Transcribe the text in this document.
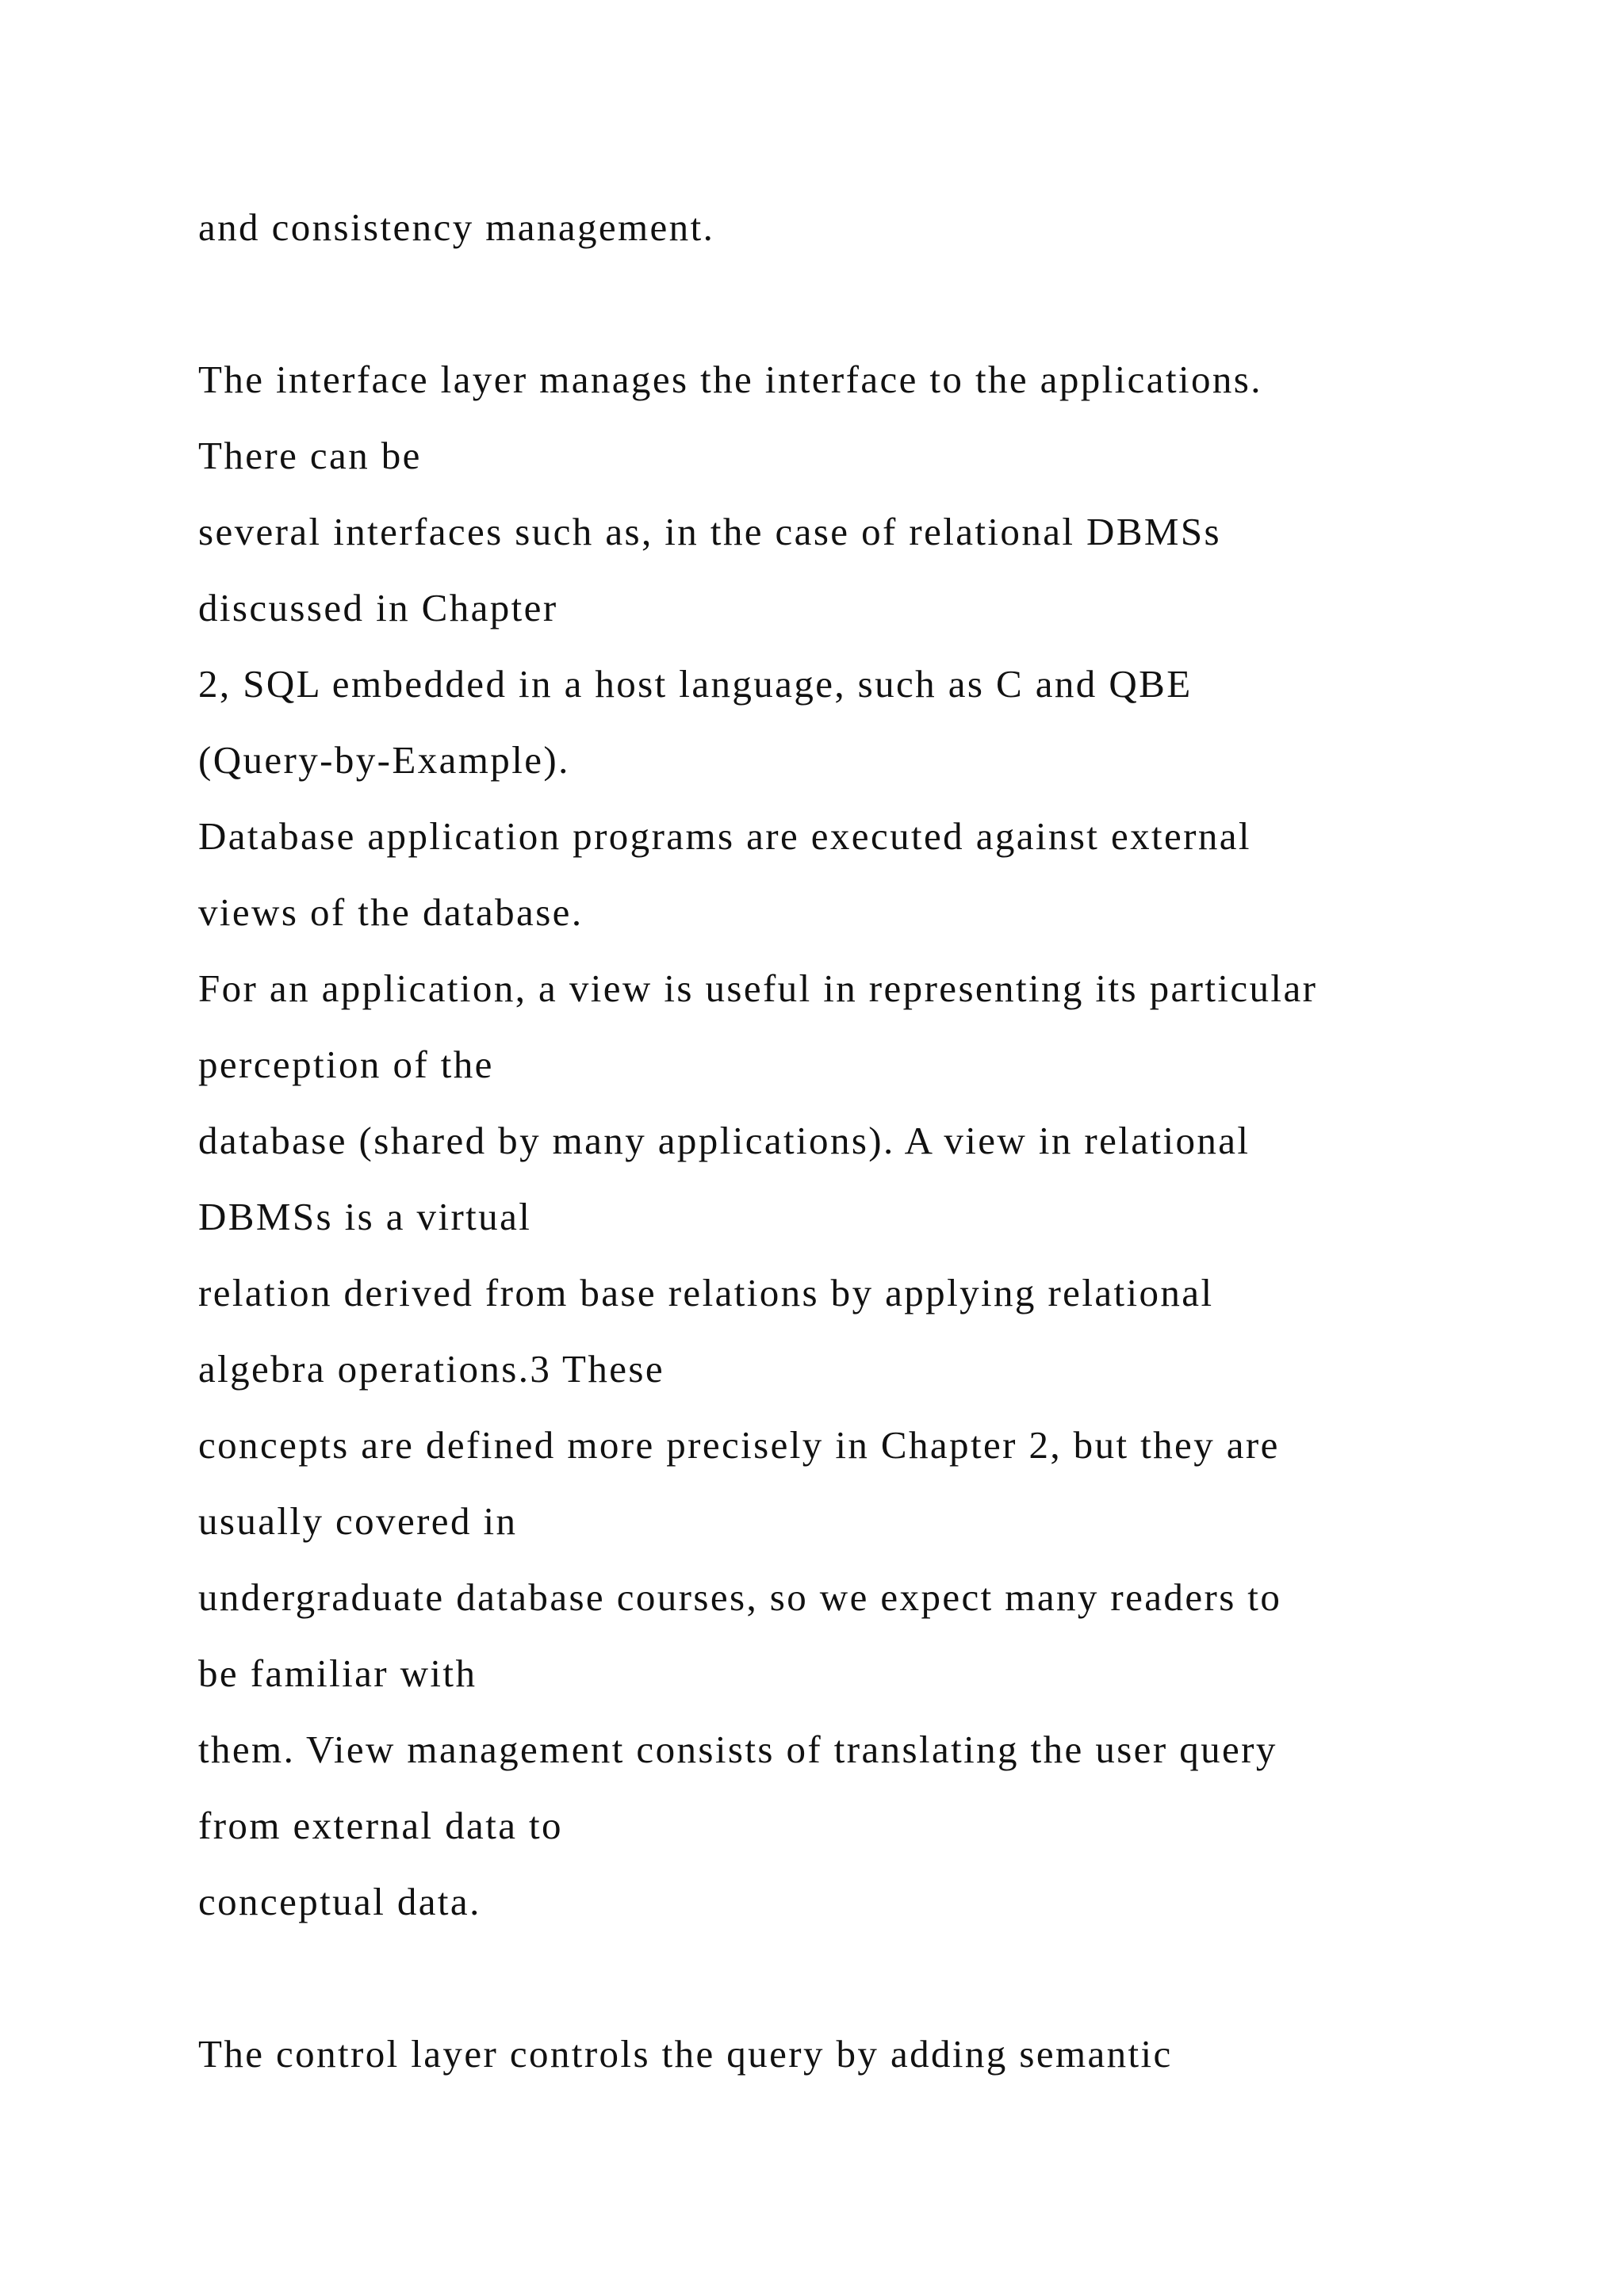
and consistency management.
The interface layer manages the interface to the applications.
There can be
several interfaces such as, in the case of relational DBMSs
discussed in Chapter
2, SQL embedded in a host language, such as C and QBE
(Query-by-Example).
Database application programs are executed against external
views of the database.
For an application, a view is useful in representing its particular
perception of the
database (shared by many applications). A view in relational
DBMSs is a virtual
relation derived from base relations by applying relational
algebra operations.3 These
concepts are defined more precisely in Chapter 2, but they are
usually covered in
undergraduate database courses, so we expect many readers to
be familiar with
them. View management consists of translating the user query
from external data to
conceptual data.
The control layer controls the query by adding semantic
